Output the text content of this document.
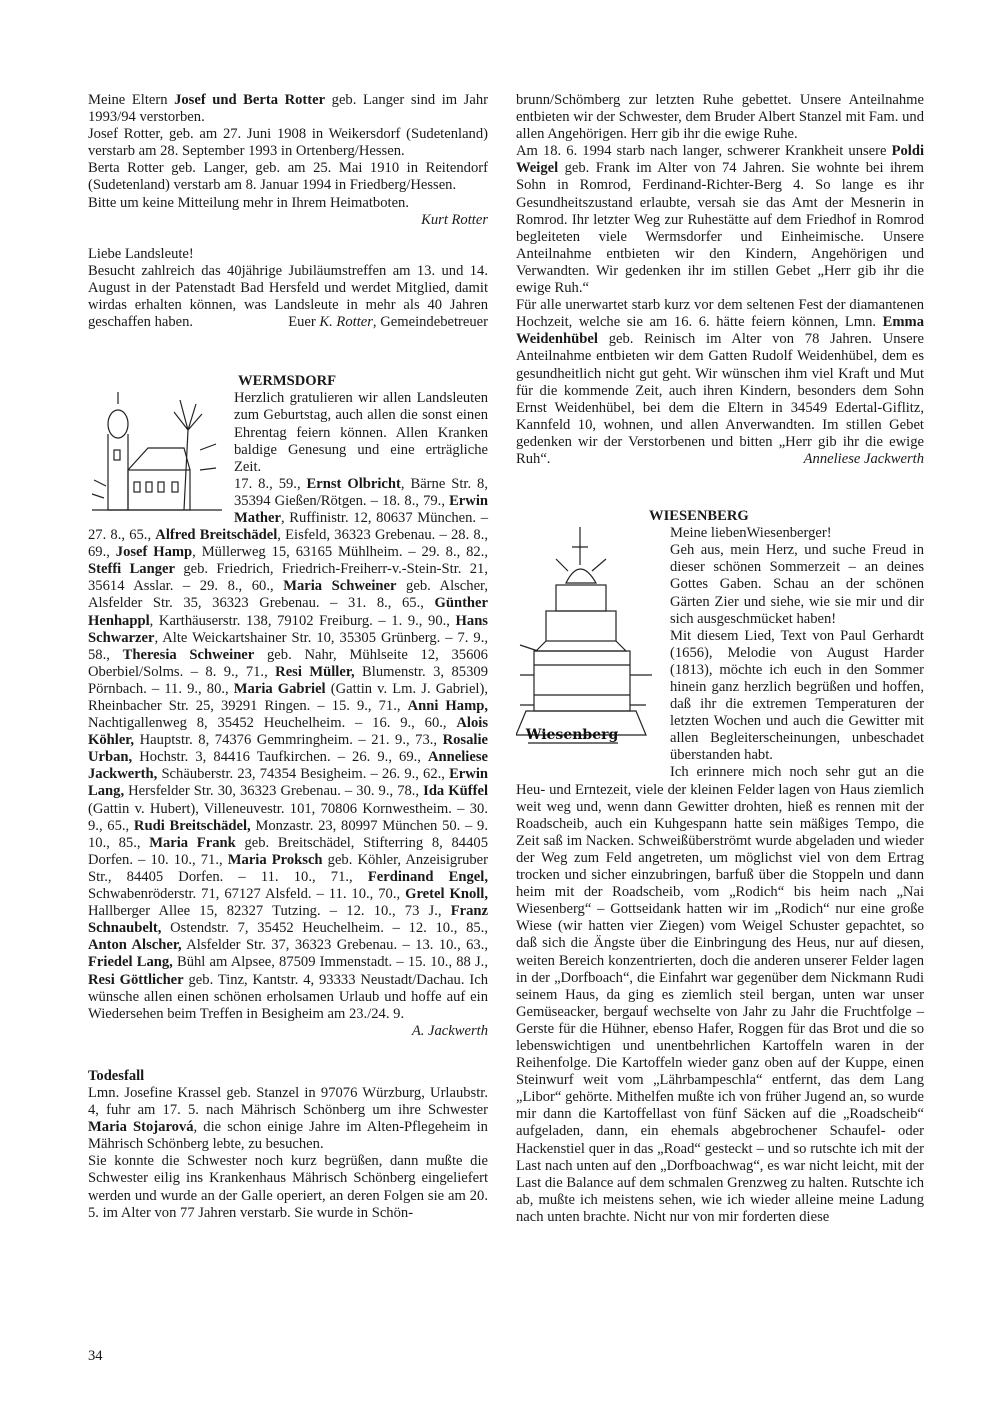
Meine Eltern Josef und Berta Rotter geb. Langer sind im Jahr 1993/94 verstorben.

Josef Rotter, geb. am 27. Juni 1908 in Weikersdorf (Sudetenland) verstarb am 28. September 1993 in Ortenberg/Hessen.

Berta Rotter geb. Langer, geb. am 25. Mai 1910 in Reitendorf (Sudetenland) verstarb am 8. Januar 1994 in Friedberg/Hessen.

Bitte um keine Mitteilung mehr in Ihrem Heimatboten.

Kurt Rotter

Liebe Landsleute!

Besucht zahlreich das 40jährige Jubiläumstreffen am 13. und 14. August in der Patenstadt Bad Hersfeld und werdet Mitglied, damit wirdas erhalten können, was Landsleute in mehr als 40 Jahren geschaffen haben.	Euer K. Rotter, Gemeindebetreuer

WERMSDORF

Herzlich gratulieren wir allen Landsleuten zum Geburtstag, auch allen die sonst einen Ehrentag feiern können. Allen Kranken baldige Genesung und eine erträgliche Zeit.

17. 8., 59., Ernst Olbricht, Bärne Str. 8, 35394 Gießen/Rötgen. – 18. 8., 79., Erwin Mather, Ruffinistr. 12, 80637 München. – 27. 8., 65., Alfred Breitschädel, Eisfeld, 36323 Grebenau. – 28. 8., 69., Josef Hamp, Müllerweg 15, 63165 Mühlheim. – 29. 8., 82., Steffi Langer geb. Friedrich, Friedrich-Freiherr-v.-Stein-Str. 21, 35614 Asslar. – 29. 8., 60., Maria Schweiner geb. Alscher, Alsfelder Str. 35, 36323 Grebenau. – 31. 8., 65., Günther Henhappl, Karthäuserstr. 138, 79102 Freiburg. – 1. 9., 90., Hans Schwarzer, Alte Weickartshainer Str. 10, 35305 Grünberg. – 7. 9., 58., Theresia Schweiner geb. Nahr, Mühlseite 12, 35606 Oberbiel/Solms. – 8. 9., 71., Resi Müller, Blumenstr. 3, 85309 Pörnbach. – 11. 9., 80., Maria Gabriel (Gattin v. Lm. J. Gabriel), Rheinbacher Str. 25, 39291 Ringen. – 15. 9., 71., Anni Hamp, Nachtigallenweg 8, 35452 Heuchelheim. – 16. 9., 60., Alois Köhler, Hauptstr. 8, 74376 Gemmringheim. – 21. 9., 73., Rosalie Urban, Hochstr. 3, 84416 Taufkirchen. – 26. 9., 69., Anneliese Jackwerth, Schäuberstr. 23, 74354 Besigheim. – 26. 9., 62., Erwin Lang, Hersfelder Str. 30, 36323 Grebenau. – 30. 9., 78., Ida Küffel (Gattin v. Hubert), Villeneuvestr. 101, 70806 Kornwestheim. – 30. 9., 65., Rudi Breitschädel, Monzastr. 23, 80997 München 50. – 9. 10., 85., Maria Frank geb. Breitschädel, Stifterring 8, 84405 Dorfen. – 10. 10., 71., Maria Proksch geb. Köhler, Anzeisigruber Str., 84405 Dorfen. – 11. 10., 71., Ferdinand Engel, Schwabenröderstr. 71, 67127 Alsfeld. – 11. 10., 70., Gretel Knoll, Hallberger Allee 15, 82327 Tutzing. – 12. 10., 73 J., Franz Schnaubelt, Ostendstr. 7, 35452 Heuchelheim. – 12. 10., 85., Anton Alscher, Alsfelder Str. 37, 36323 Grebenau. – 13. 10., 63., Friedel Lang, Bühl am Alpsee, 87509 Immenstadt. – 15. 10., 88 J., Resi Göttlicher geb. Tinz, Kantstr. 4, 93333 Neustadt/Dachau. Ich wünsche allen einen schönen erholsamen Urlaub und hoffe auf ein Wiedersehen beim Treffen in Besigheim am 23./24. 9.

A. Jackwerth

Todesfall

Lmn. Josefine Krassel geb. Stanzel in 97076 Würzburg, Urlaubstr. 4, fuhr am 17. 5. nach Mährisch Schönberg um ihre Schwester Maria Stojarová, die schon einige Jahre im Alten-Pflegeheim in Mährisch Schönberg lebte, zu besuchen.

Sie konnte die Schwester noch kurz begrüßen, dann mußte die Schwester eilig ins Krankenhaus Mährisch Schönberg eingeliefert werden und wurde an der Galle operiert, an deren Folgen sie am 20. 5. im Alter von 77 Jahren verstarb. Sie wurde in Schön-

brunn/Schömberg zur letzten Ruhe gebettet. Unsere Anteilnahme entbieten wir der Schwester, dem Bruder Albert Stanzel mit Fam. und allen Angehörigen. Herr gib ihr die ewige Ruhe.

Am 18. 6. 1994 starb nach langer, schwerer Krankheit unsere Poldi Weigel geb. Frank im Alter von 74 Jahren. Sie wohnte bei ihrem Sohn in Romrod, Ferdinand-Richter-Berg 4. So lange es ihr Gesundheitszustand erlaubte, versah sie das Amt der Mesnerin in Romrod. Ihr letzter Weg zur Ruhestätte auf dem Friedhof in Romrod begleiteten viele Wermsdorfer und Einheimische. Unsere Anteilnahme entbieten wir den Kindern, Angehörigen und Verwandten. Wir gedenken ihr im stillen Gebet „Herr gib ihr die ewige Ruh.“

Für alle unerwartet starb kurz vor dem seltenen Fest der diamantenen Hochzeit, welche sie am 16. 6. hätte feiern können, Lmn. Emma Weidenhübel geb. Reinisch im Alter von 78 Jahren. Unsere Anteilnahme entbieten wir dem Gatten Rudolf Weidenhübel, dem es gesundheitlich nicht gut geht. Wir wünschen ihm viel Kraft und Mut für die kommende Zeit, auch ihren Kindern, besonders dem Sohn Ernst Weidenhübel, bei dem die Eltern in 34549 Edertal-Giflitz, Kannfeld 10, wohnen, und allen Anverwandten. Im stillen Gebet gedenken wir der Verstorbenen und bitten „Herr gib ihr die ewige Ruh“.	Anneliese Jackwerth

WIESENBERG

Wiesenberg

Meine liebenWiesenberger!

Geh aus, mein Herz, und suche Freud in dieser schönen Sommerzeit – an deines Gottes Gaben. Schau an der schönen Gärten Zier und siehe, wie sie mir und dir sich ausgeschmücket haben!

Mit diesem Lied, Text von Paul Gerhardt (1656), Melodie von August Harder (1813), möchte ich euch in den Sommer hinein ganz herzlich begrüßen und hoffen, daß ihr die extremen Temperaturen der letzten Wochen und auch die Gewitter mit allen Begleiterscheinungen, unbeschadet überstanden habt.

Ich erinnere mich noch sehr gut an die Heu- und Erntezeit, viele der kleinen Felder lagen von Haus ziemlich weit weg und, wenn dann Gewitter drohten, hieß es rennen mit der Roadscheib, auch ein Kuhgespann hatte sein mäßiges Tempo, die Zeit saß im Nacken. Schweißüberströmt wurde abgeladen und wieder der Weg zum Feld angetreten, um möglichst viel von dem Ertrag trocken und sicher einzubringen, barfuß über die Stoppeln und dann heim mit der Roadscheib, vom „Rodich“ bis heim nach „Nai Wiesenberg“ – Gottseidank hatten wir im „Rodich“ nur eine große Wiese (wir hatten vier Ziegen) vom Weigel Schuster gepachtet, so daß sich die Ängste über die Einbringung des Heus, nur auf diesen, weiten Bereich konzentrierten, doch die anderen unserer Felder lagen in der „Dorfboach“, die Einfahrt war gegenüber dem Nickmann Rudi seinem Haus, da ging es ziemlich steil bergan, unten war unser Gemüseacker, bergauf wechselte von Jahr zu Jahr die Fruchtfolge – Gerste für die Hühner, ebenso Hafer, Roggen für das Brot und die so lebenswichtigen und unentbehrlichen Kartoffeln waren in der Reihenfolge. Die Kartoffeln wieder ganz oben auf der Kuppe, einen Steinwurf weit vom „Lährbampeschla“ entfernt, das dem Lang „Libor“ gehörte. Mithelfen mußte ich von früher Jugend an, so wurde mir dann die Kartoffellast von fünf Säcken auf die „Roadscheib“ aufgeladen, dann, ein ehemals abgebrochener Schaufel- oder Hackenstiel quer in das „Road“ gesteckt – und so rutschte ich mit der Last nach unten auf den „Dorfboachwag“, es war nicht leicht, mit der Last die Balance auf dem schmalen Grenzweg zu halten. Rutschte ich ab, mußte ich meistens sehen, wie ich wieder alleine meine Ladung nach unten brachte. Nicht nur von mir forderten diese

34
